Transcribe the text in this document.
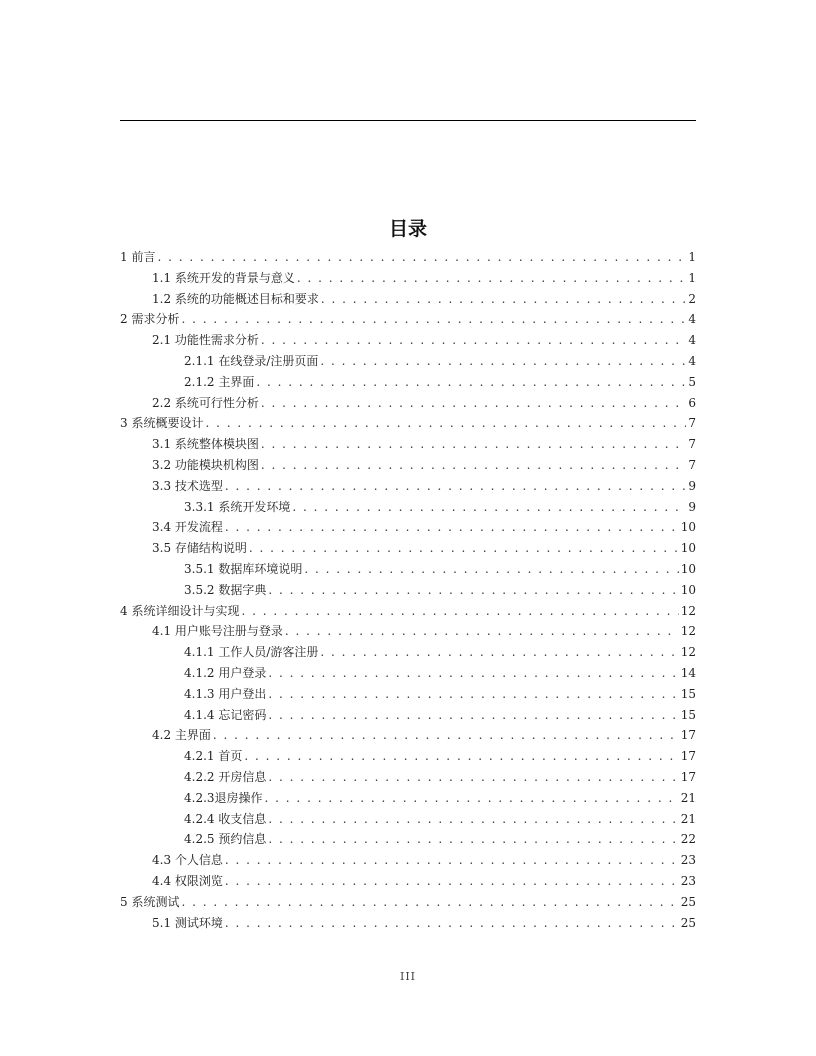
目录
1 前言 . . .	1
1.1 系统开发的背景与意义 . . .	1
1.2 系统的功能概述目标和要求 . . .	2
2 需求分析 . . .	4
2.1 功能性需求分析 . . .	4
2.1.1 在线登录/注册页面 . . .	4
2.1.2 主界面 . . .	5
2.2 系统可行性分析 . . .	6
3 系统概要设计 . . .	7
3.1 系统整体模块图 . . .	7
3.2 功能模块机构图 . . .	7
3.3 技术选型 . . .	9
3.3.1 系统开发环境 . . .	9
3.4 开发流程 . . .	10
3.5 存储结构说明 . . .	10
3.5.1 数据库环境说明 . . .	10
3.5.2 数据字典 . . .	10
4 系统详细设计与实现 . . .	12
4.1 用户账号注册与登录 . . .	12
4.1.1 工作人员/游客注册 . . .	12
4.1.2 用户登录 . . .	14
4.1.3 用户登出 . . .	15
4.1.4 忘记密码 . . .	15
4.2 主界面 . . .	17
4.2.1 首页 . . .	17
4.2.2 开房信息 . . .	17
4.2.3退房操作 . . .	21
4.2.4 收支信息 . . .	21
4.2.5 预约信息 . . .	22
4.3 个人信息 . . .	23
4.4 权限浏览 . . .	23
5 系统测试 . . .	25
5.1 测试环境 . . .	25
III
